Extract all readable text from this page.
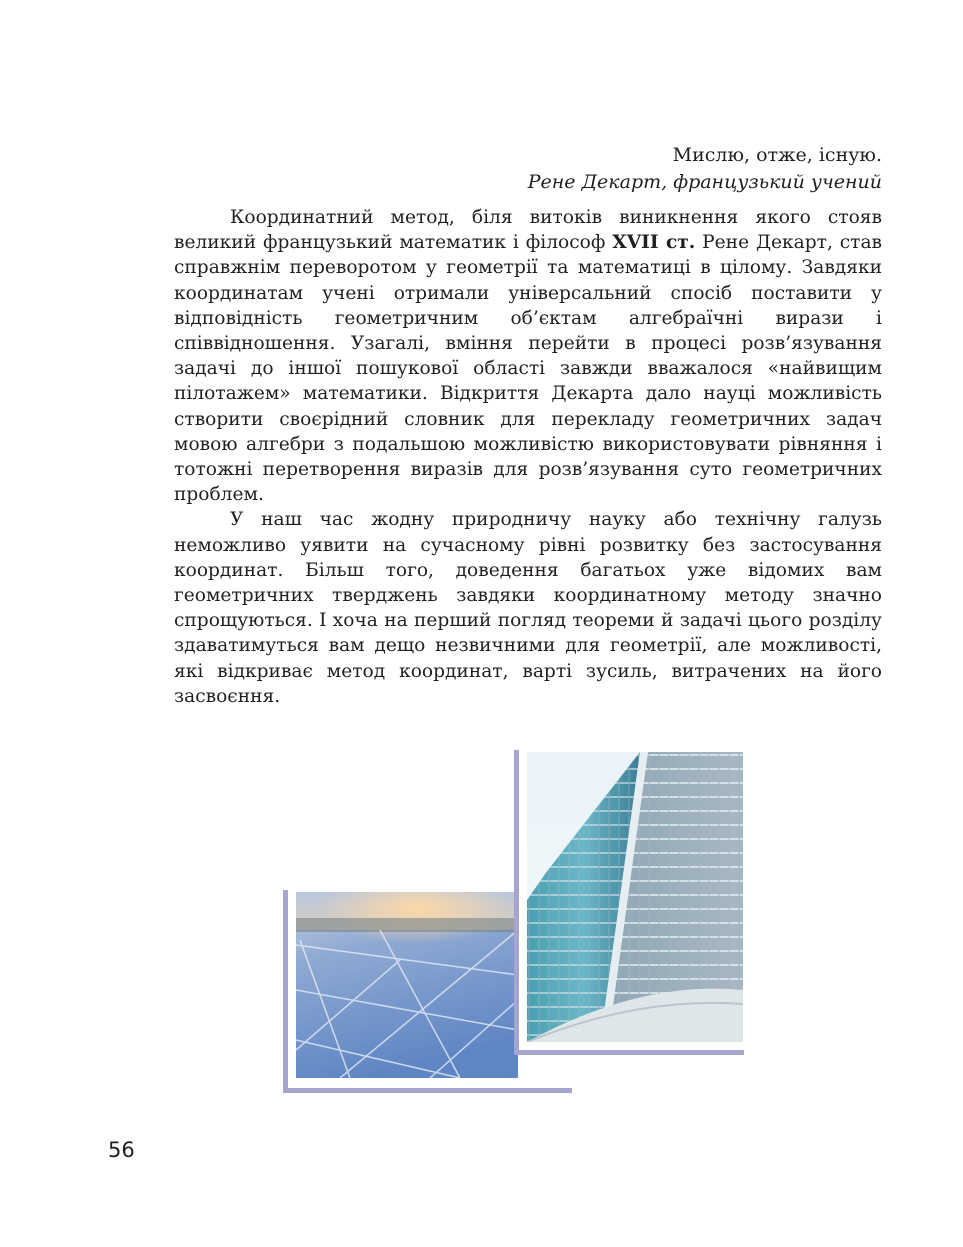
Мислю, отже, існую.
Рене Декарт, французький учений

Координатний метод, біля витоків виникнення якого стояв великий французький математик і філософ XVII ст. Рене Декарт, став справжнім переворотом у геометрії та математиці в цілому. Завдяки координатам учені отримали універсальний спосіб поставити у відповідність геометричним об’єктам алгебраїчні вирази і співвідношення. Узагалі, вміння перейти в процесі розв’язування задачі до іншої пошукової області завжди вважалося «найвищим пілотажем» математики. Відкриття Декарта дало науці можливість створити своєрідний словник для перекладу геометричних задач мовою алгебри з подальшою можливістю використовувати рівняння і тотожні перетворення виразів для розв’язування суто геометричних проблем.

У наш час жодну природничу науку або технічну галузь неможливо уявити на сучасному рівні розвитку без застосування координат. Більш того, доведення багатьох уже відомих вам геометричних тверджень завдяки координатному методу значно спрощуються. І хоча на перший погляд теореми й задачі цього розділу здаватимуться вам дещо незвичними для геометрії, але можливості, які відкриває метод координат, варті зусиль, витрачених на його засвоєння.

56
